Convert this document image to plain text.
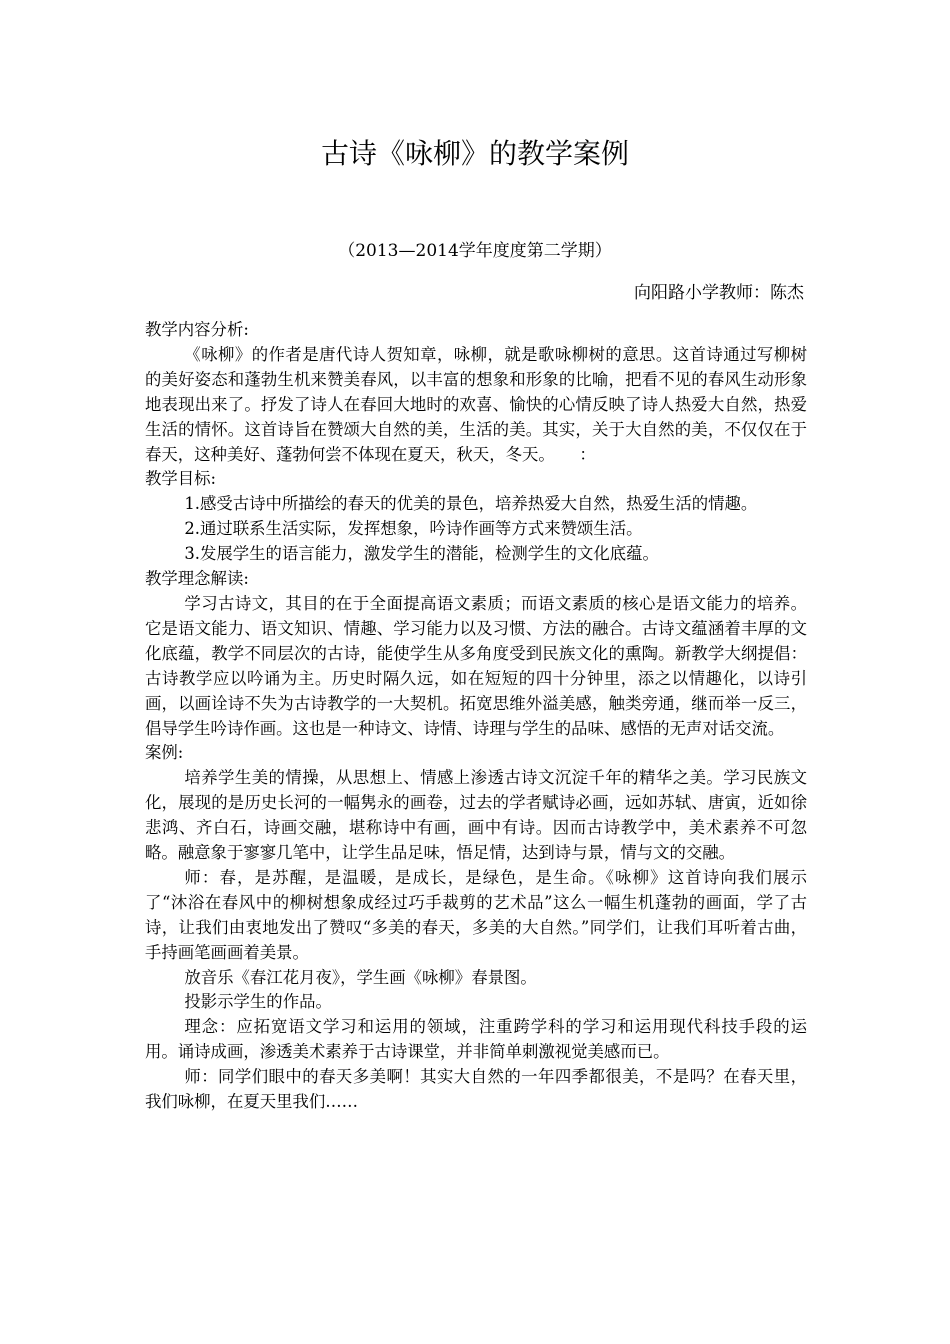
古诗《咏柳》的教学案例
（2013—2014学年度度第二学期）
向阳路小学教师：陈杰

教学内容分析:

《咏柳》的作者是唐代诗人贺知章，咏柳，就是歌咏柳树的意思。这首诗通过写柳树的美好姿态和蓬勃生机来赞美春风，以丰富的想象和形象的比喻，把看不见的春风生动形象地表现出来了。抒发了诗人在春回大地时的欢喜、愉快的心情反映了诗人热爱大自然，热爱生活的情怀。这首诗旨在赞颂大自然的美，生活的美。其实，关于大自然的美，不仅仅在于春天，这种美好、蓬勃何尝不体现在夏天，秋天，冬天。　　：

教学目标:

1.感受古诗中所描绘的春天的优美的景色，培养热爱大自然，热爱生活的情趣。

2.通过联系生活实际，发挥想象，吟诗作画等方式来赞颂生活。

3.发展学生的语言能力，激发学生的潜能，检测学生的文化底蕴。

教学理念解读:

学习古诗文，其目的在于全面提高语文素质；而语文素质的核心是语文能力的培养。它是语文能力、语文知识、情趣、学习能力以及习惯、方法的融合。古诗文蕴涵着丰厚的文化底蕴，教学不同层次的古诗，能使学生从多角度受到民族文化的熏陶。新教学大纲提倡：古诗教学应以吟诵为主。历史时隔久远，如在短短的四十分钟里，添之以情趣化，以诗引画，以画诠诗不失为古诗教学的一大契机。拓宽思维外溢美感，触类旁通，继而举一反三，倡导学生吟诗作画。这也是一种诗文、诗情、诗理与学生的品味、感悟的无声对话交流。

案例:

培养学生美的情操，从思想上、情感上渗透古诗文沉淀千年的精华之美。学习民族文化，展现的是历史长河的一幅隽永的画卷，过去的学者赋诗必画，远如苏轼、唐寅，近如徐悲鸿、齐白石，诗画交融，堪称诗中有画，画中有诗。因而古诗教学中，美术素养不可忽略。融意象于寥寥几笔中，让学生品足味，悟足情，达到诗与景，情与文的交融。

师：春，是苏醒，是温暖，是成长，是绿色，是生命。《咏柳》这首诗向我们展示了“沐浴在春风中的柳树想象成经过巧手裁剪的艺术品”这么一幅生机蓬勃的画面，学了古诗，让我们由衷地发出了赞叹“多美的春天，多美的大自然。”同学们，让我们耳听着古曲，手持画笔画画着美景。

放音乐《春江花月夜》，学生画《咏柳》春景图。

投影示学生的作品。

理念：应拓宽语文学习和运用的领域，注重跨学科的学习和运用现代科技手段的运用。诵诗成画，渗透美术素养于古诗课堂，并非简单刺激视觉美感而已。

师：同学们眼中的春天多美啊！其实大自然的一年四季都很美，不是吗？在春天里，我们咏柳，在夏天里我们……
